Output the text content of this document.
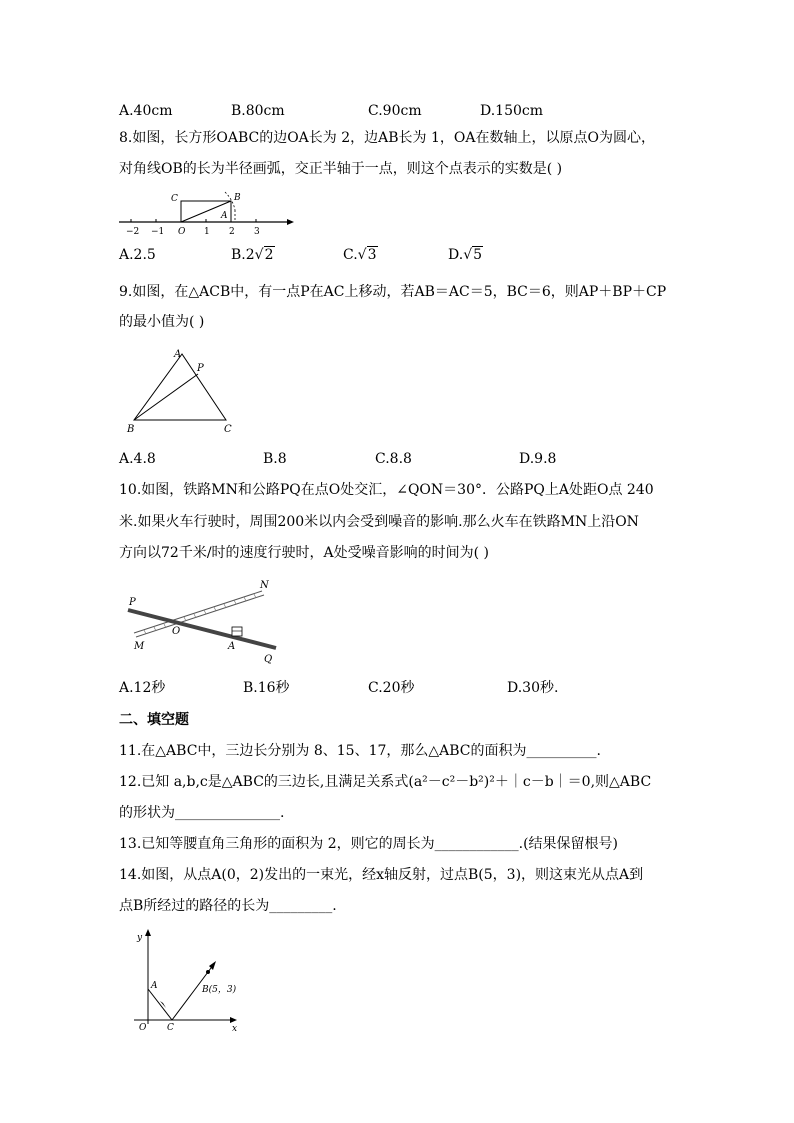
A.40cm	B.80cm	C.90cm	D.150cm
8.如图，长方形OABC的边OA长为 2，边AB长为 1，OA在数轴上，以原点O为圆心，
对角线OB的长为半径画弧，交正半轴于一点，则这个点表示的实数是( )
C	B
A
−2 −1 O 1 2 3
A.2.5	B.2√2	C.√3	D.√5
9.如图，在△ACB中，有一点P在AC上移动，若AB＝AC＝5，BC＝6，则AP＋BP＋CP
的最小值为( )
A
P
B	C
A.4.8	B.8	C.8.8	D.9.8
10.如图，铁路MN和公路PQ在点O处交汇，∠QON＝30°．公路PQ上A处距O点 240
米.如果火车行驶时，周围200米以内会受到噪音的影响.那么火车在铁路MN上沿ON
方向以72千米/时的速度行驶时，A处受噪音影响的时间为( )
P
N
O
M	A
Q
A.12秒	B.16秒	C.20秒	D.30秒.
二、填空题
11.在△ABC中，三边长分别为 8、15、17，那么△ABC的面积为__________.
12.已知 a,b,c是△ABC的三边长,且满足关系式(a²－c²－b²)²＋｜c－b｜＝0,则△ABC
的形状为_______________.
13.已知等腰直角三角形的面积为 2，则它的周长为____________.(结果保留根号)
14.如图，从点A(0，2)发出的一束光，经x轴反射，过点B(5，3)，则这束光从点A到
点B所经过的路径的长为_________.
y
x
A
O C
B(5，3)
